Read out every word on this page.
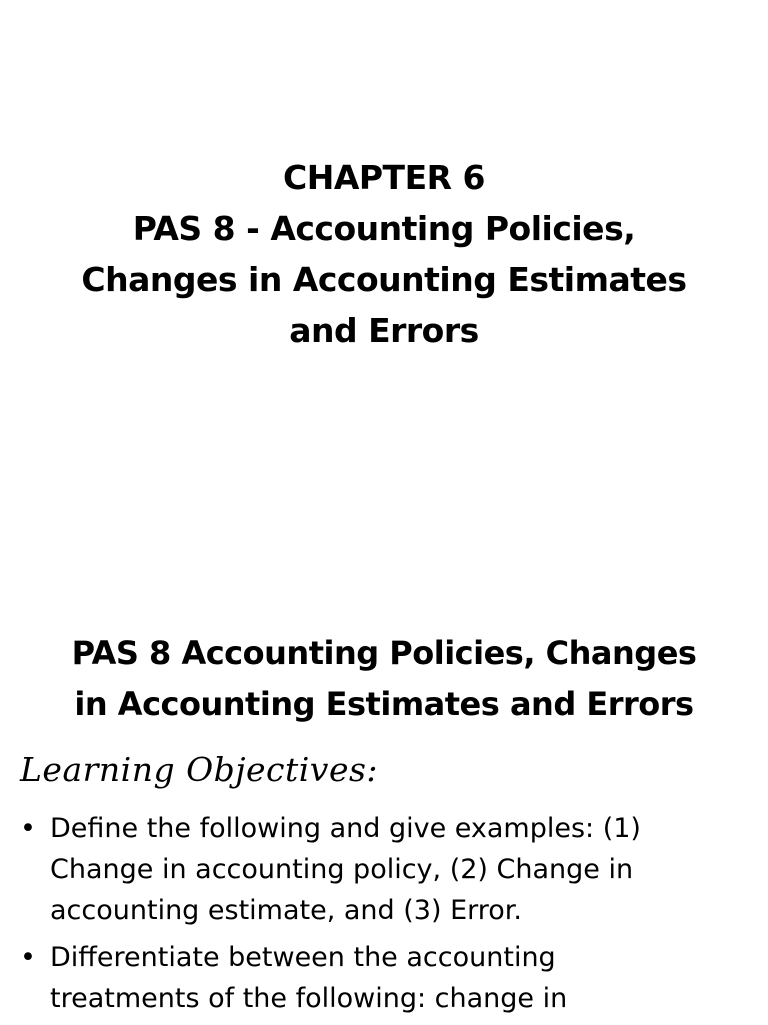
CHAPTER 6
PAS 8 - Accounting Policies,
Changes in Accounting Estimates
and Errors
PAS 8 Accounting Policies, Changes
in Accounting Estimates and Errors
Learning Objectives:
• Define the following and give examples: (1)
Change in accounting policy, (2) Change in
accounting estimate, and (3) Error.
• Differentiate between the accounting
treatments of the following: change in
